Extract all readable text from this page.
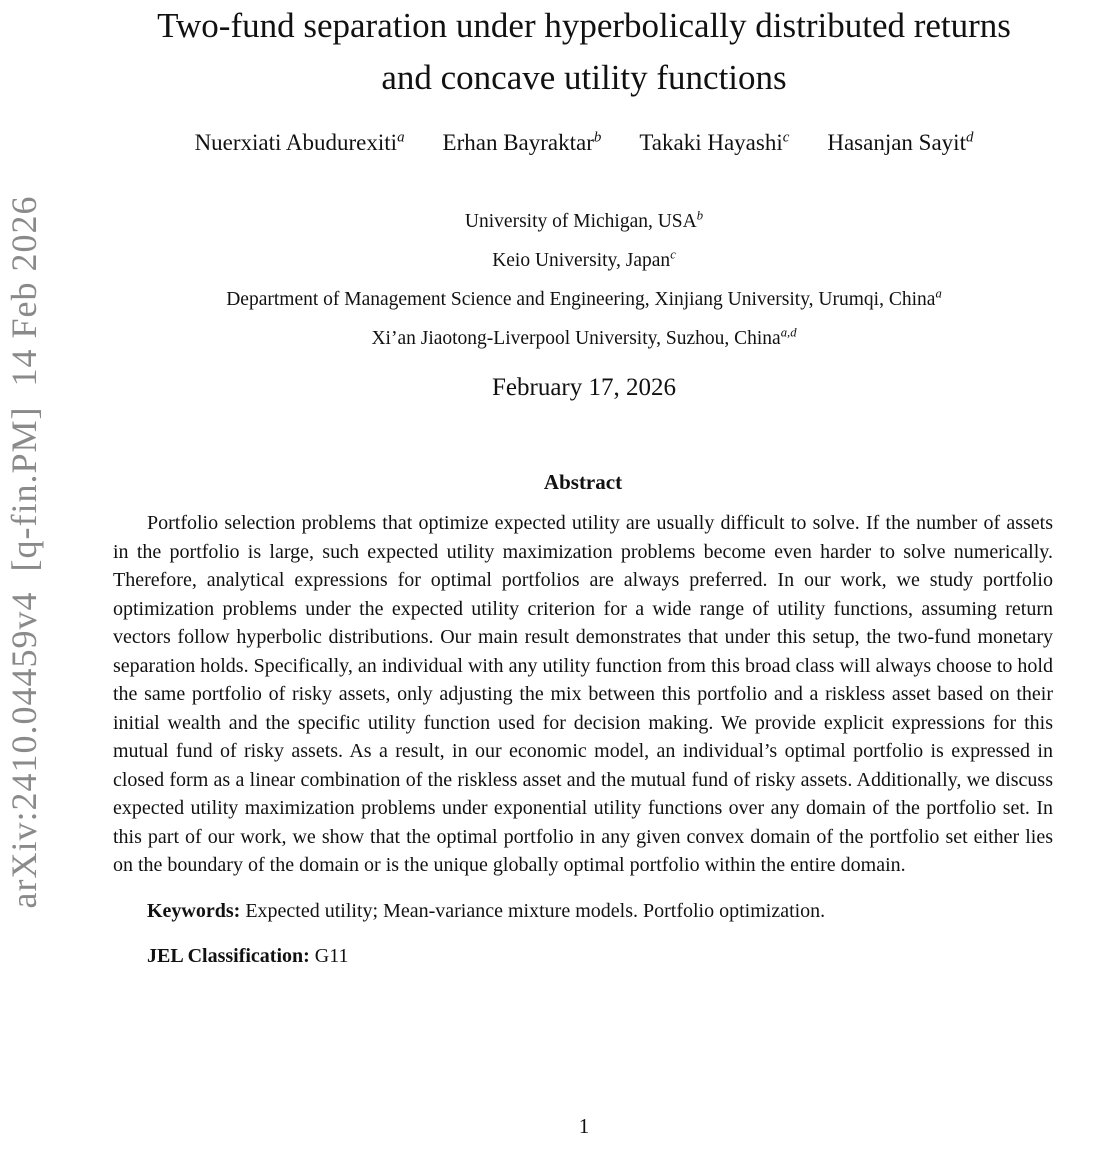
arXiv:2410.04459v4  [q-fin.PM]  14 Feb 2026
Two-fund separation under hyperbolically distributed returns
and concave utility functions
Nuerxiati Abudurexiti$^a$ Erhan Bayraktar$^b$ Takaki Hayashi$^c$ Hasanjan Sayit$^d$
University of Michigan, USA$^b$
Keio University, Japan$^c$
Department of Management Science and Engineering, Xinjiang University, Urumqi, China$^a$
Xi’an Jiaotong-Liverpool University, Suzhou, China$^{a,d}$
February 17, 2026
Abstract

Portfolio selection problems that optimize expected utility are usually difficult to solve. If the number of assets in the portfolio is large, such expected utility maximization problems become even harder to solve numerically. Therefore, analytical expressions for optimal portfolios are always preferred. In our work, we study portfolio optimization problems under the expected utility criterion for a wide range of utility functions, assuming return vectors follow hyperbolic distributions. Our main result demonstrates that under this setup, the two-fund monetary separation holds. Specifically, an individual with any utility function from this broad class will always choose to hold the same portfolio of risky assets, only adjusting the mix between this portfolio and a riskless asset based on their initial wealth and the specific utility function used for decision making. We provide explicit expressions for this mutual fund of risky assets. As a result, in our economic model, an individual’s optimal portfolio is expressed in closed form as a linear combination of the riskless asset and the mutual fund of risky assets. Additionally, we discuss expected utility maximization problems under exponential utility functions over any domain of the portfolio set. In this part of our work, we show that the optimal portfolio in any given convex domain of the portfolio set either lies on the boundary of the domain or is the unique globally optimal portfolio within the entire domain.

Keywords: Expected utility; Mean-variance mixture models. Portfolio optimization.

JEL Classification: G11

1
